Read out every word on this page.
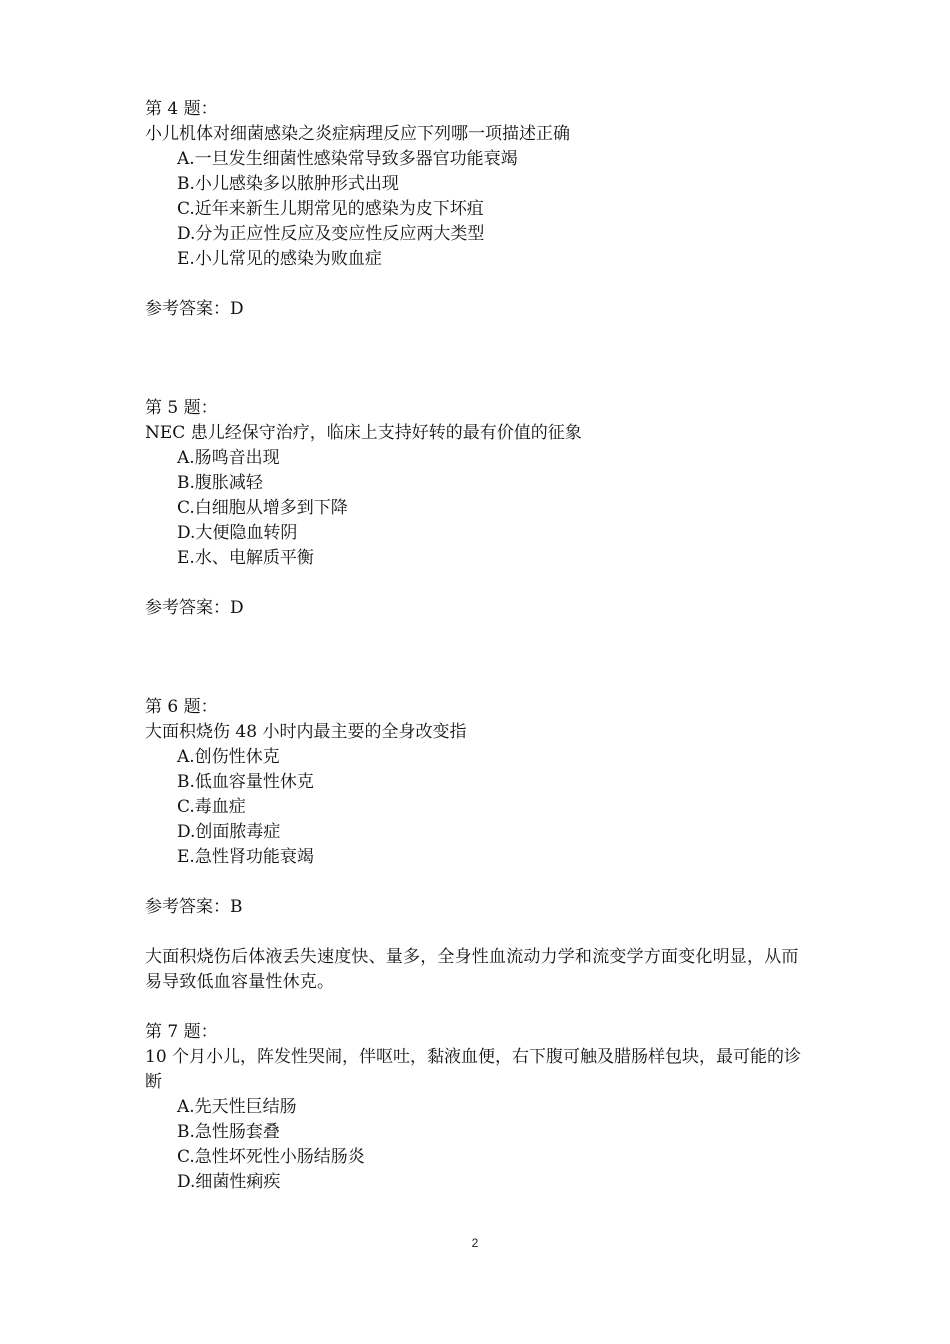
第 4 题：
小儿机体对细菌感染之炎症病理反应下列哪一项描述正确
A.一旦发生细菌性感染常导致多器官功能衰竭
B.小儿感染多以脓肿形式出现
C.近年来新生儿期常见的感染为皮下坏疽
D.分为正应性反应及变应性反应两大类型
E.小儿常见的感染为败血症
参考答案：D
第 5 题：
NEC 患儿经保守治疗，临床上支持好转的最有价值的征象
A.肠鸣音出现
B.腹胀减轻
C.白细胞从增多到下降
D.大便隐血转阴
E.水、电解质平衡
参考答案：D
第 6 题：
大面积烧伤 48 小时内最主要的全身改变指
A.创伤性休克
B.低血容量性休克
C.毒血症
D.创面脓毒症
E.急性肾功能衰竭
参考答案：B
大面积烧伤后体液丢失速度快、量多，全身性血流动力学和流变学方面变化明显，从而易导致低血容量性休克。
第 7 题：
10 个月小儿，阵发性哭闹，伴呕吐，黏液血便，右下腹可触及腊肠样包块，最可能的诊断
A.先天性巨结肠
B.急性肠套叠
C.急性坏死性小肠结肠炎
D.细菌性痢疾
2
